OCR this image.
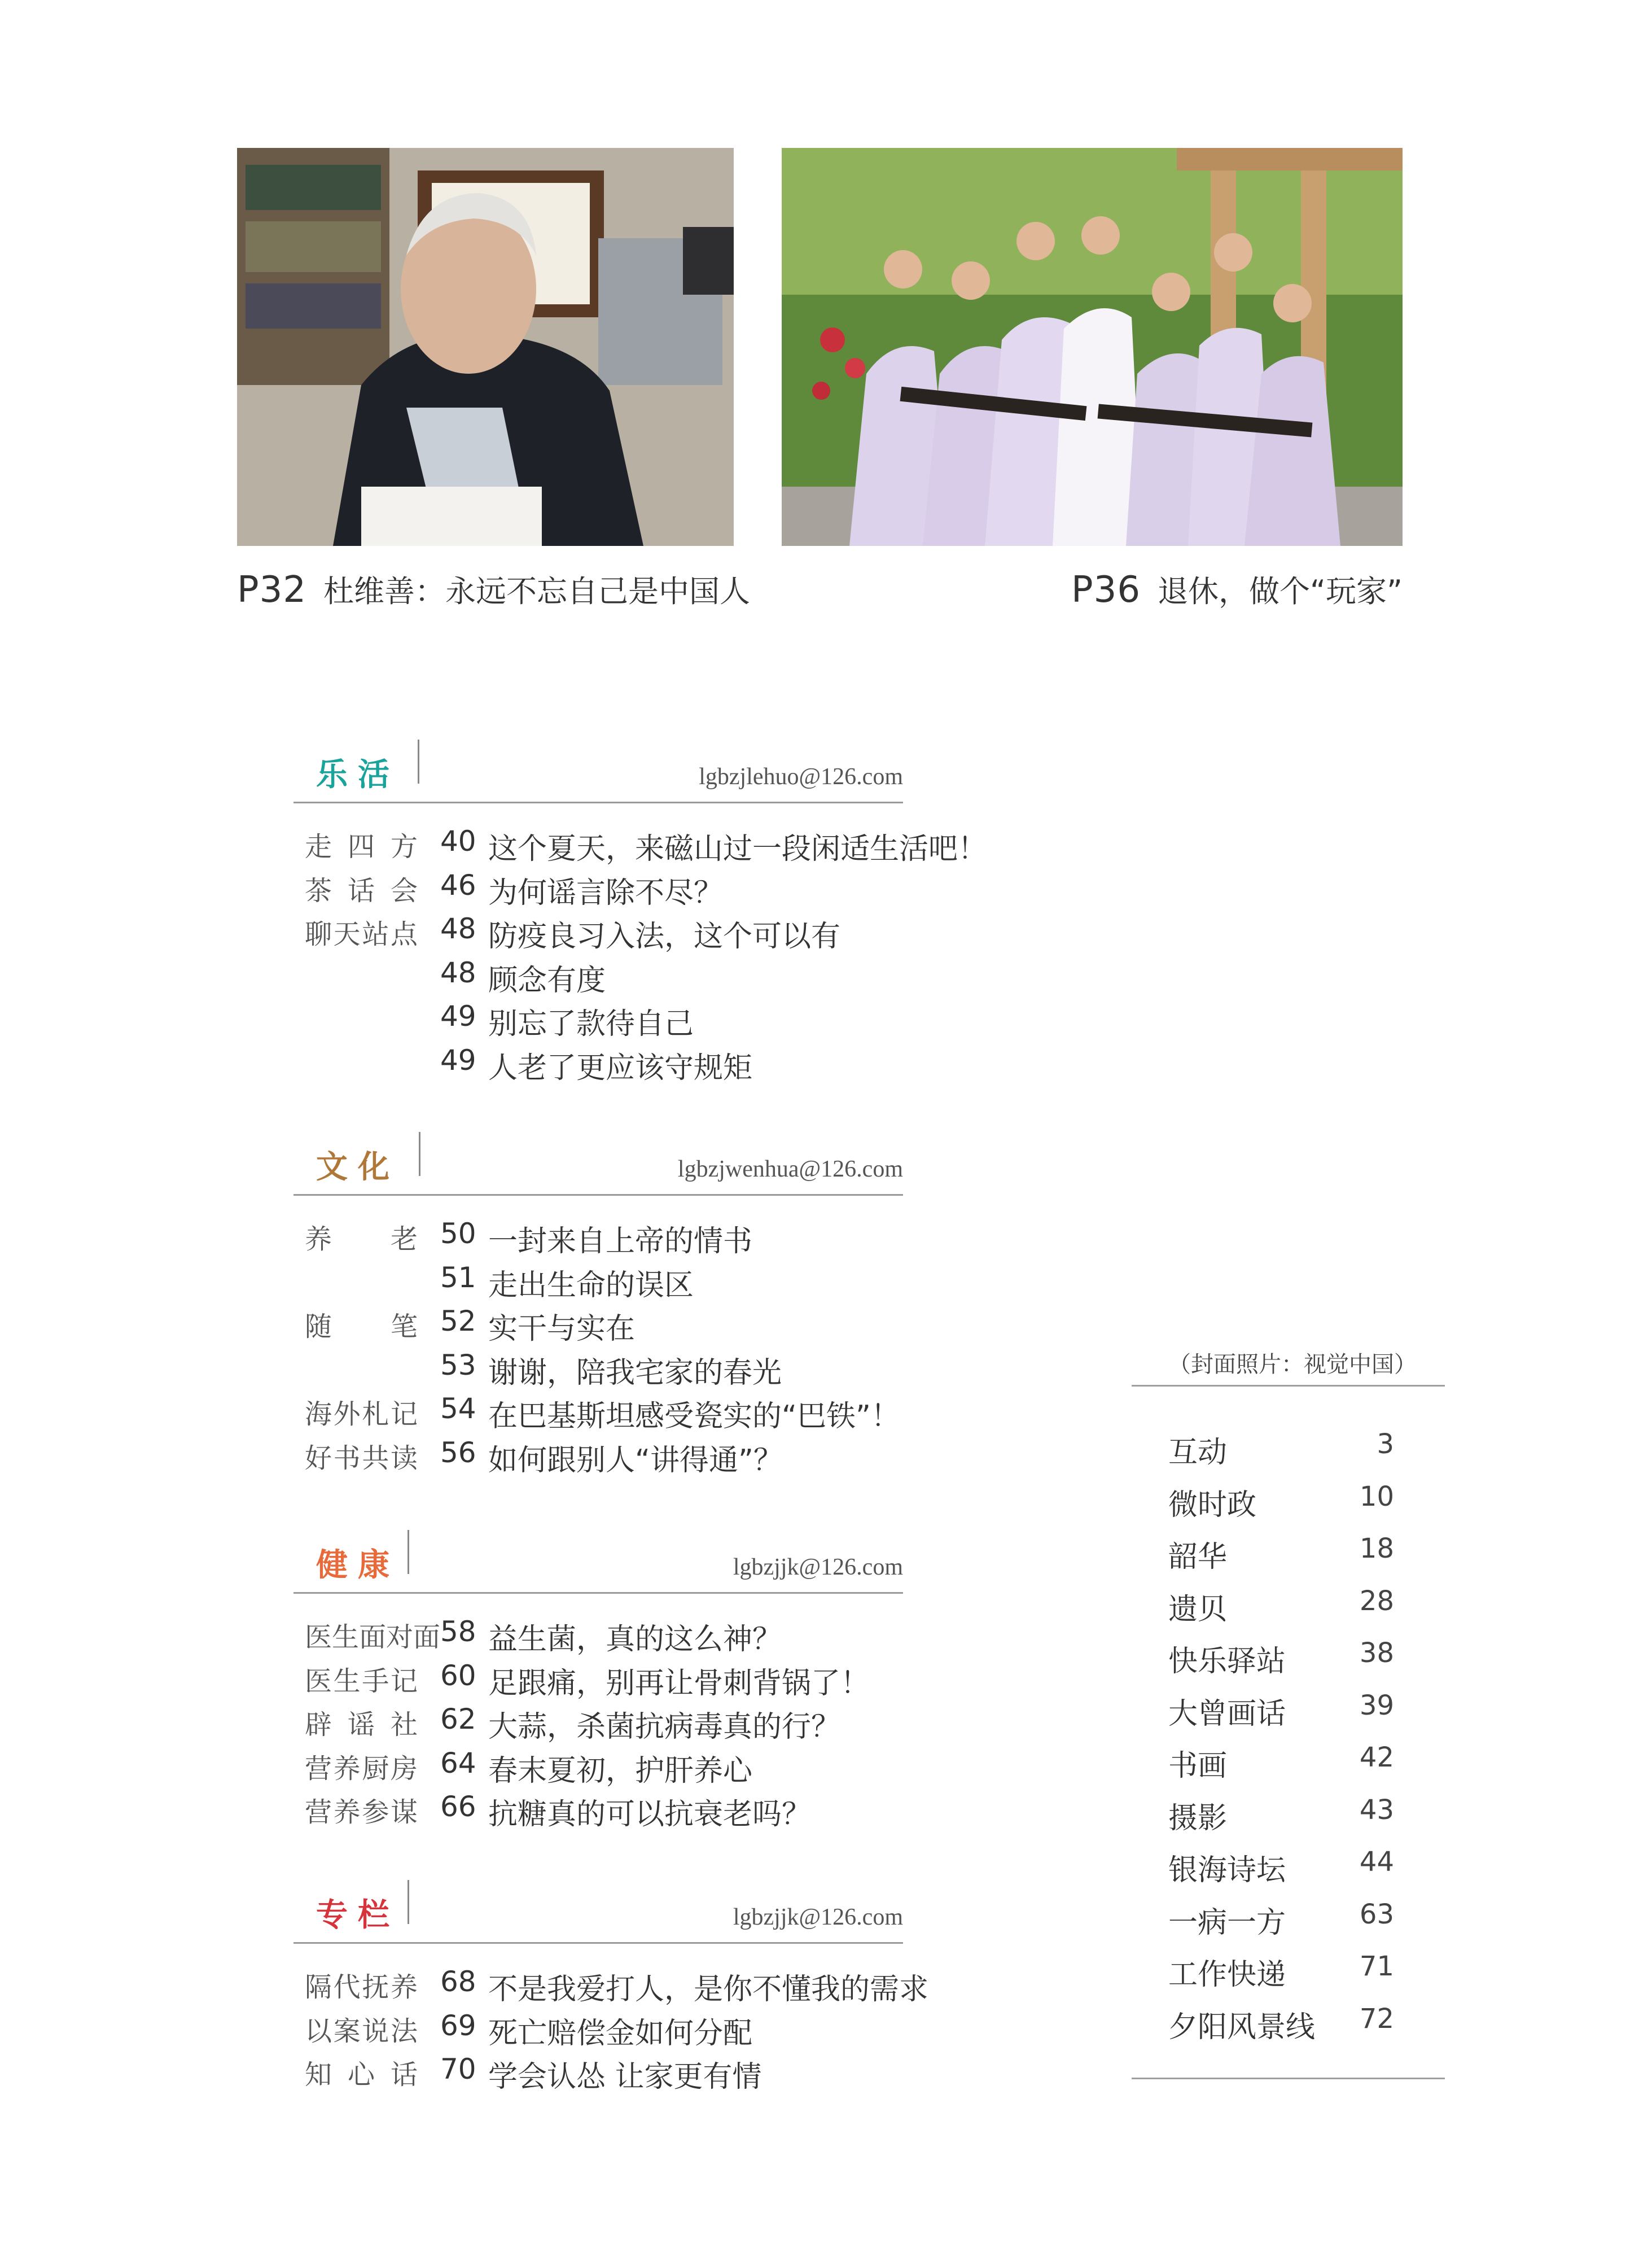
P32 杜维善：永远不忘自己是中国人	P36 退休，做个“玩家”
乐活	lgbzjlehuo@126.com
走四方 40 这个夏天，来磁山过一段闲适生活吧！
茶话会 46 为何谣言除不尽？
聊天站点 48 防疫良习入法，这个可以有
48 顾念有度
49 别忘了款待自己
49 人老了更应该守规矩
文化	lgbzjwenhua@126.com
养老 50 一封来自上帝的情书
51 走出生命的误区
随笔 52 实干与实在
53 谢谢，陪我宅家的春光
海外札记 54 在巴基斯坦感受瓷实的“巴铁”！
好书共读 56 如何跟别人“讲得通”？
健康	lgbzjjk@126.com
医生面对面 58 益生菌，真的这么神？
医生手记 60 足跟痛，别再让骨刺背锅了！
辟谣社 62 大蒜，杀菌抗病毒真的行？
营养厨房 64 春末夏初，护肝养心
营养参谋 66 抗糖真的可以抗衰老吗？
专栏	lgbzjjk@126.com
隔代抚养 68 不是我爱打人，是你不懂我的需求
以案说法 69 死亡赔偿金如何分配
知心话 70 学会认怂 让家更有情
（封面照片：视觉中国）
互动	3
微时政	10
韶华	18
遗贝	28
快乐驿站	38
大曾画话	39
书画	42
摄影	43
银海诗坛	44
一病一方	63
工作快递	71
夕阳风景线 72
